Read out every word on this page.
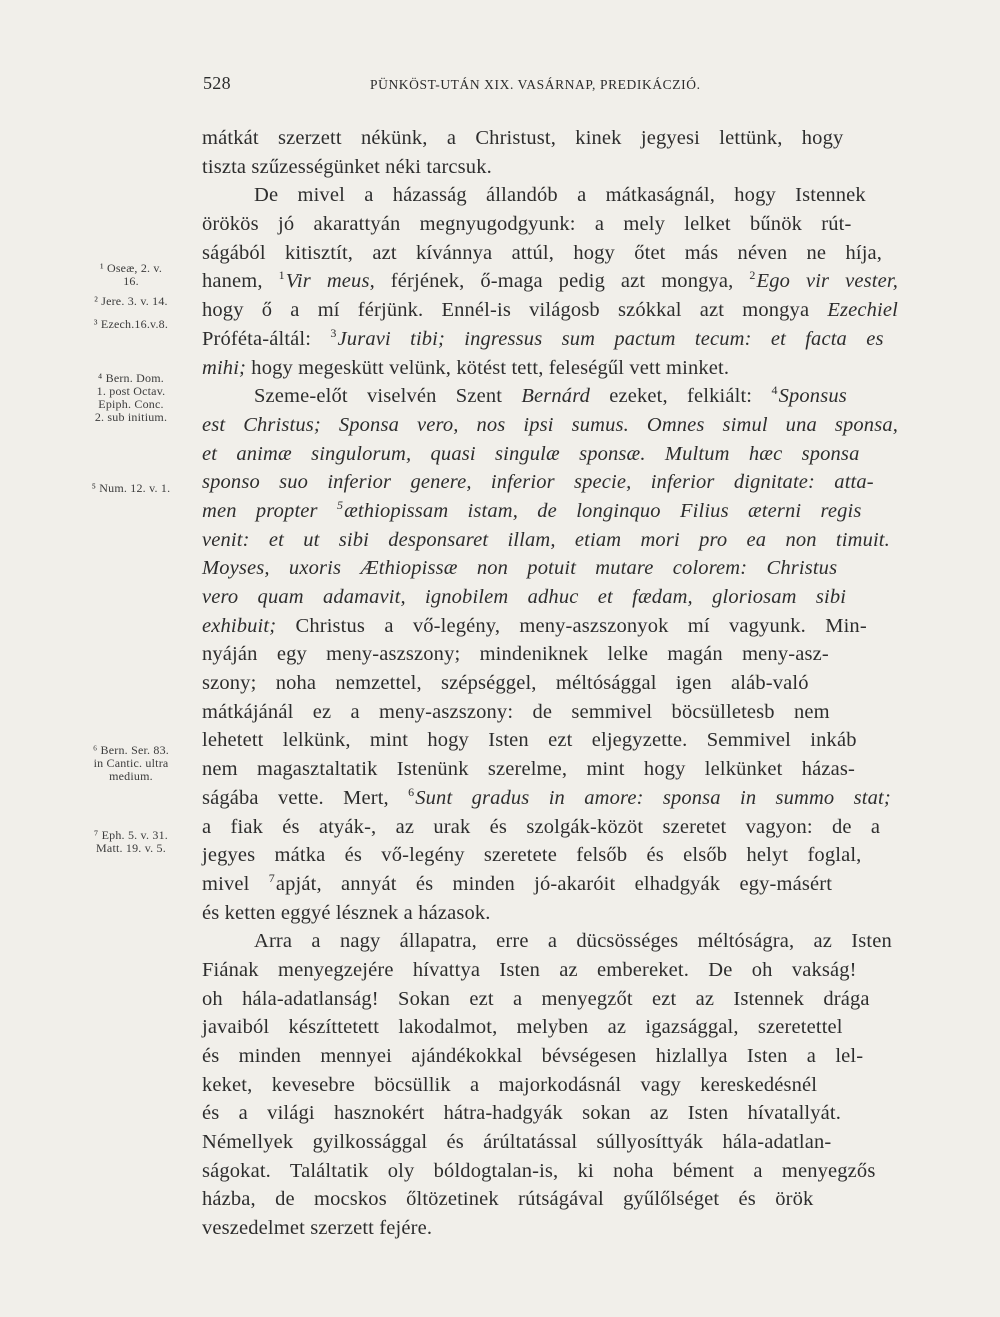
528	PÜNKÖST-UTÁN XIX. VASÁRNAP, PREDIKÁCZIÓ.
¹ Oseæ, 2. v.
16.
² Jere. 3. v. 14.
³ Ezech.16.v.8.
⁴ Bern. Dom.
1. post Octav.
Epiph. Conc.
2. sub initium.
⁵ Num. 12. v. 1.
⁶ Bern. Ser. 83.
in Cantic. ultra
medium.
⁷ Eph. 5. v. 31.
Matt. 19. v. 5.
mátkát szerzett nékünk, a Christust, kinek jegyesi lettünk, hogy
tiszta szűzességünket néki tarcsuk.
De mivel a házasság állandób a mátkaságnál, hogy Istennek
örökös jó akarattyán megnyugodgyunk: a mely lelket bűnök rút-
ságából kitisztít, azt kívánnya attúl, hogy őtet más néven ne híja,
hanem, $^1$Vir meus, férjének, ő-maga pedig azt mongya, $^2$Ego vir vester,
hogy ő a mí férjünk. Ennél-is világosb szókkal azt mongya Ezechiel
Próféta-áltál: $^3$Juravi tibi; ingressus sum pactum tecum: et facta es
mihi; hogy megeskütt velünk, kötést tett, feleségűl vett minket.
Szeme-előt viselvén Szent Bernárd ezeket, felkiált: $^4$Sponsus
est Christus; Sponsa vero, nos ipsi sumus. Omnes simul una sponsa,
et animæ singulorum, quasi singulæ sponsæ. Multum hæc sponsa
sponso suo inferior genere, inferior specie, inferior dignitate: atta-
men propter $^5$æthiopissam istam, de longinquo Filius æterni regis
venit: et ut sibi desponsaret illam, etiam mori pro ea non timuit.
Moyses, uxoris Æthiopissæ non potuit mutare colorem: Christus
vero quam adamavit, ignobilem adhuc et fædam, gloriosam sibi
exhibuit; Christus a vő-legény, meny-aszszonyok mí vagyunk. Min-
nyáján egy meny-aszszony; mindeniknek lelke magán meny-asz-
szony; noha nemzettel, szépséggel, méltósággal igen aláb-való
mátkájánál ez a meny-aszszony: de semmivel böcsülletesb nem
lehetett lelkünk, mint hogy Isten ezt eljegyzette. Semmivel inkáb
nem magasztaltatik Istenünk szerelme, mint hogy lelkünket házas-
ságába vette. Mert, $^6$Sunt gradus in amore: sponsa in summo stat;
a fiak és atyák-, az urak és szolgák-közöt szeretet vagyon: de a
jegyes mátka és vő-legény szeretete felsőb és elsőb helyt foglal,
mivel $^7$apját, annyát és minden jó-akaróit elhadgyák egy-másért
és ketten eggyé lésznek a házasok.
Arra a nagy állapatra, erre a dücsösséges méltóságra, az Isten
Fiának menyegzejére hívattya Isten az embereket. De oh vakság!
oh hála-adatlanság! Sokan ezt a menyegzőt ezt az Istennek drága
javaiból készíttetett lakodalmot, melyben az igazsággal, szeretettel
és minden mennyei ajándékokkal bévségesen hizlallya Isten a lel-
keket, kevesebre böcsüllik a majorkodásnál vagy kereskedésnél
és a világi hasznokért hátra-hadgyák sokan az Isten hívatallyát.
Némellyek gyilkossággal és árúltatással súllyosíttyák hála-adatlan-
ságokat. Találtatik oly bóldogtalan-is, ki noha bément a menyegzős
házba, de mocskos őltözetinek rútságával gyűlőlséget és örök
veszedelmet szerzett fejére.
